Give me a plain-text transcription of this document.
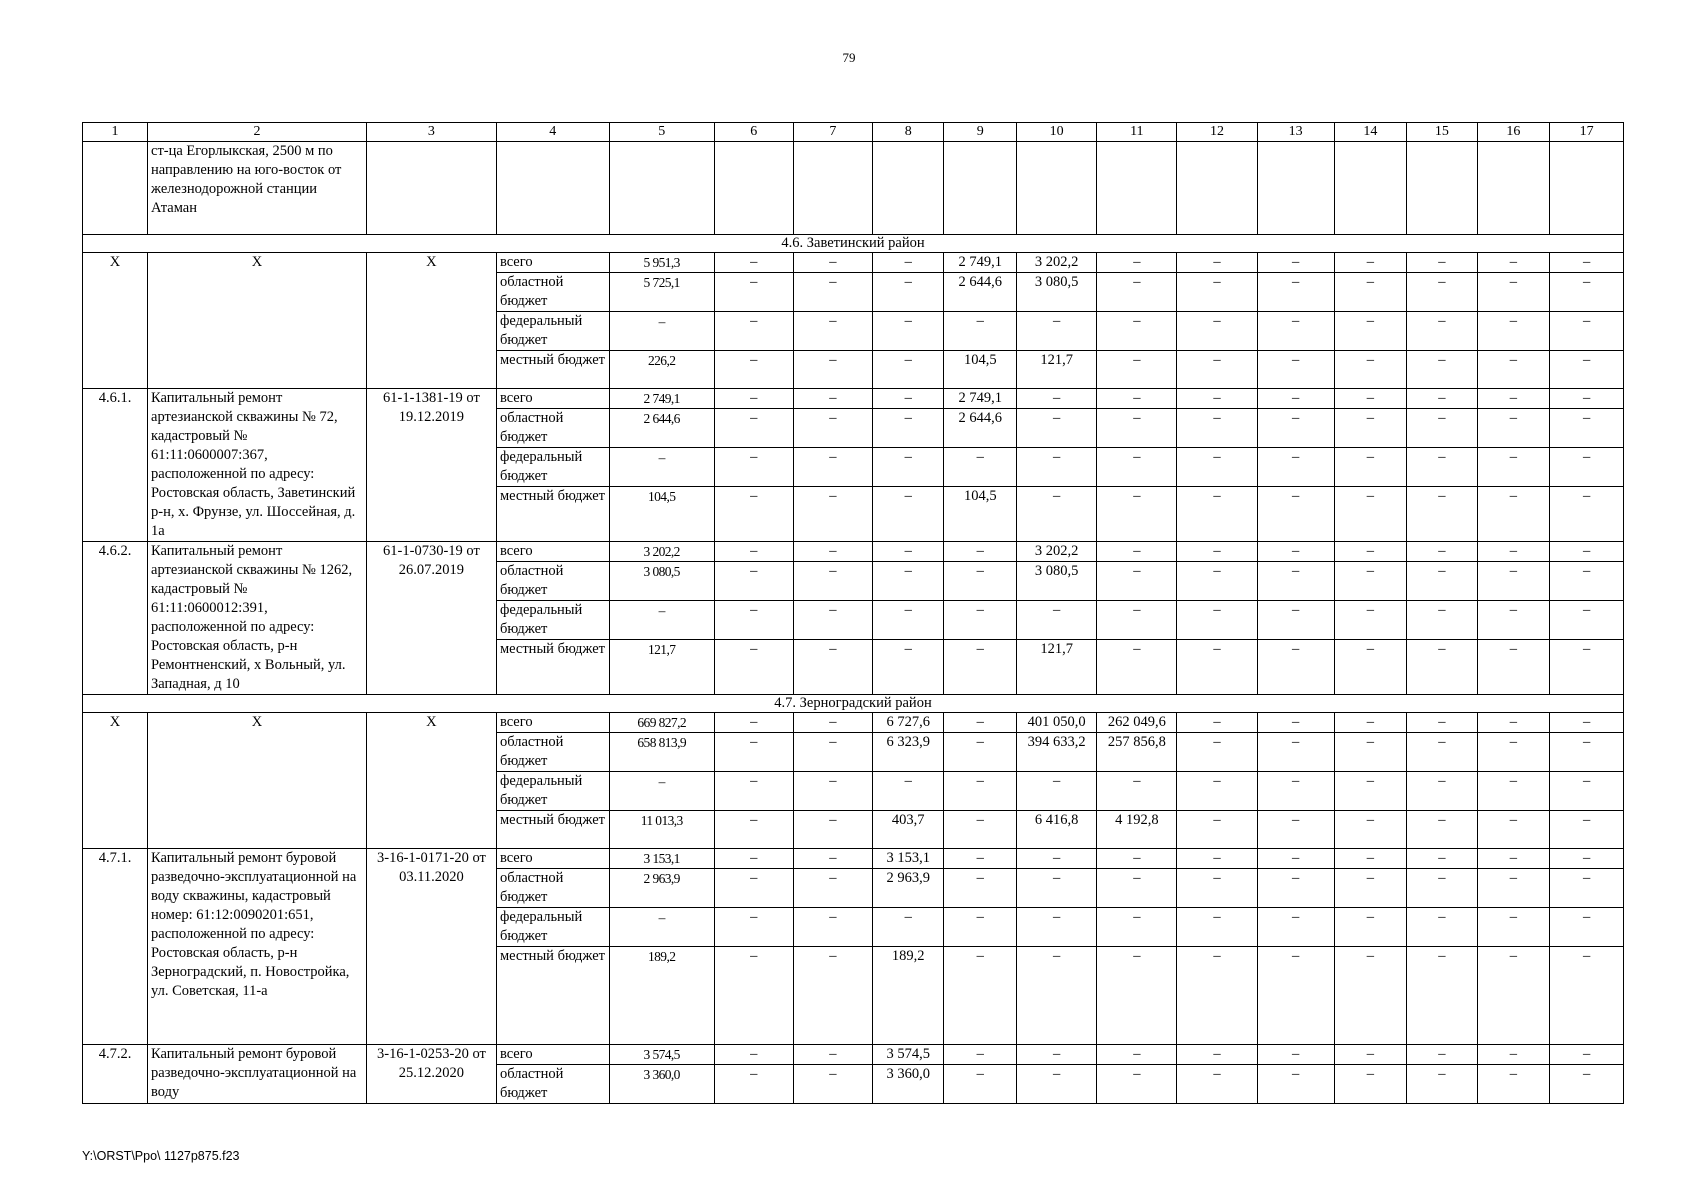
79
1	2	3	4	5	6	7	8	9	10	11	12	13	14	15	16	17
	ст-ца Егорлыкская, 2500 м по направлению на юго-восток от железнодорожной станции Атаман															
4.6. Заветинский район																
Х	Х	Х	всего	5 951,3	–	–	–	2 749,1	3 202,2	–	–	–	–	–	–	–
			областной бюджет	5 725,1	–	–	–	2 644,6	3 080,5	–	–	–	–	–	–	–
			федеральный бюджет	–	–	–	–	–	–	–	–	–	–	–	–	–
			местный бюджет	226,2	–	–	–	104,5	121,7	–	–	–	–	–	–	–
4.6.1.	Капитальный ремонт артезианской скважины № 72, кадастровый № 61:11:0600007:367, расположенной по адресу: Ростовская область, Заветинский р-н, х. Фрунзе, ул. Шоссейная, д. 1а	61-1-1381-19 от 19.12.2019	всего	2 749,1	–	–	–	2 749,1	–	–	–	–	–	–	–	–
			областной бюджет	2 644,6	–	–	–	2 644,6	–	–	–	–	–	–	–	–
			федеральный бюджет	–	–	–	–	–	–	–	–	–	–	–	–	–
			местный бюджет	104,5	–	–	–	104,5	–	–	–	–	–	–	–	–
4.6.2.	Капитальный ремонт артезианской скважины № 1262, кадастровый № 61:11:0600012:391, расположенной по адресу: Ростовская область, р-н Ремонтненский, х Вольный, ул. Западная, д 10	61-1-0730-19 от 26.07.2019	всего	3 202,2	–	–	–	–	3 202,2	–	–	–	–	–	–	–
			областной бюджет	3 080,5	–	–	–	–	3 080,5	–	–	–	–	–	–	–
			федеральный бюджет	–	–	–	–	–	–	–	–	–	–	–	–	–
			местный бюджет	121,7	–	–	–	–	121,7	–	–	–	–	–	–	–
4.7. Зерноградский район																
Х	Х	Х	всего	669 827,2	–	–	6 727,6	–	401 050,0	262 049,6	–	–	–	–	–	–
			областной бюджет	658 813,9	–	–	6 323,9	–	394 633,2	257 856,8	–	–	–	–	–	–
			федеральный бюджет	–	–	–	–	–	–	–	–	–	–	–	–	–
			местный бюджет	11 013,3	–	–	403,7	–	6 416,8	4 192,8	–	–	–	–	–	–
4.7.1.	Капитальный ремонт буровой разведочно-эксплуатационной на воду скважины, кадастровый номер: 61:12:0090201:651, расположенной по адресу: Ростовская область, р-н Зерноградский, п. Новостройка, ул. Советская, 11-а	3-16-1-0171-20 от 03.11.2020	всего	3 153,1	–	–	3 153,1	–	–	–	–	–	–	–	–	–
			областной бюджет	2 963,9	–	–	2 963,9	–	–	–	–	–	–	–	–	–
			федеральный бюджет	–	–	–	–	–	–	–	–	–	–	–	–	–
			местный бюджет	189,2	–	–	189,2	–	–	–	–	–	–	–	–	–
4.7.2.	Капитальный ремонт буровой разведочно-эксплуатационной на воду	3-16-1-0253-20 от 25.12.2020	всего	3 574,5	–	–	3 574,5	–	–	–	–	–	–	–	–	–
			областной бюджет	3 360,0	–	–	3 360,0	–	–	–	–	–	–	–	–	–
Y:\ORST\Ppo\ 1127p875.f23
